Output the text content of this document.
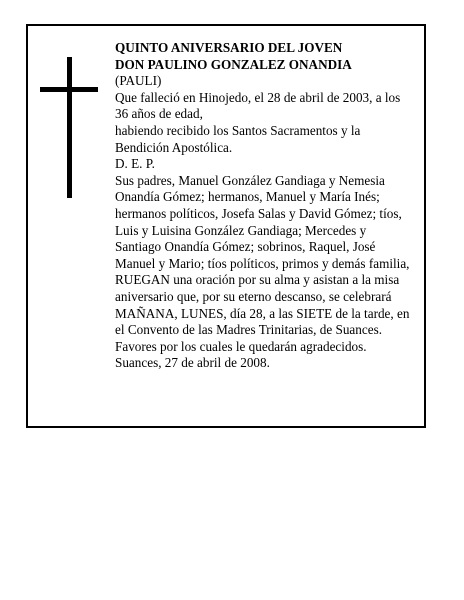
QUINTO ANIVERSARIO DEL JOVEN
DON PAULINO GONZALEZ ONANDIA
(PAULI)
Que falleció en Hinojedo, el 28 de abril de 2003, a los
36 años de edad,
habiendo recibido los Santos Sacramentos y la
Bendición Apostólica.
D. E. P.
Sus padres, Manuel González Gandiaga y Nemesia
Onandía Gómez; hermanos, Manuel y María Inés;
hermanos políticos, Josefa Salas y David Gómez; tíos,
Luis y Luisina González Gandiaga; Mercedes y
Santiago Onandía Gómez; sobrinos, Raquel, José
Manuel y Mario; tíos políticos, primos y demás familia,
RUEGAN una oración por su alma y asistan a la misa
aniversario que, por su eterno descanso, se celebrará
MAÑANA, LUNES, día 28, a las SIETE de la tarde, en
el Convento de las Madres Trinitarias, de Suances.
Favores por los cuales le quedarán agradecidos.
Suances, 27 de abril de 2008.
